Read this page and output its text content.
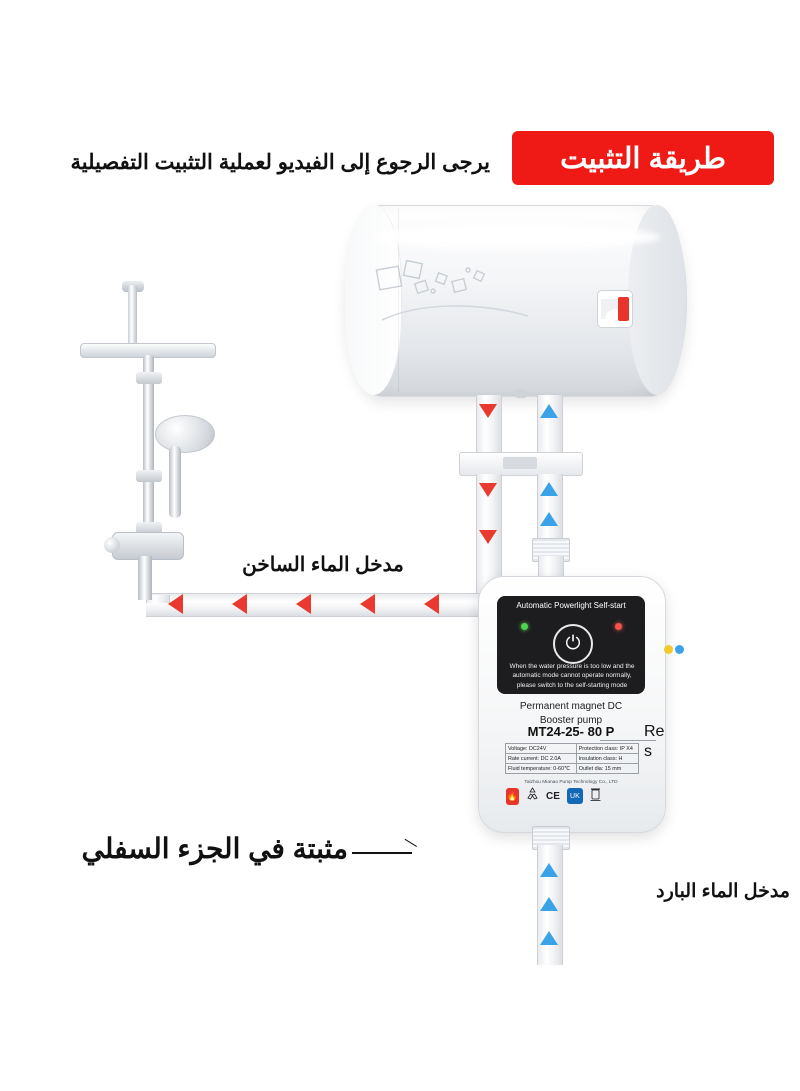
طريقة التثبيت
يرجى الرجوع إلى الفيديو لعملية التثبيت التفصيلية
مدخل الماء الساخن
Automatic Powerlight Self-start
⏻
When the water pressure is too low and the automatic mode cannot operate normally, please switch to the self-starting mode
Permanent magnet DC
Booster pump
MT24-25- 80 P
Voltage: DC24V	Protection class: IP X4
Rate current: DC 2.0A	Insulation class: H
Fluid temperature: 0-60℃	Outlet dia: 15 mm
Taizhou Mianao Pump Technology Co., LTD
🔥	CE	UK
Re
s
مدخل الماء البارد
مثبتة في الجزء السفلي
